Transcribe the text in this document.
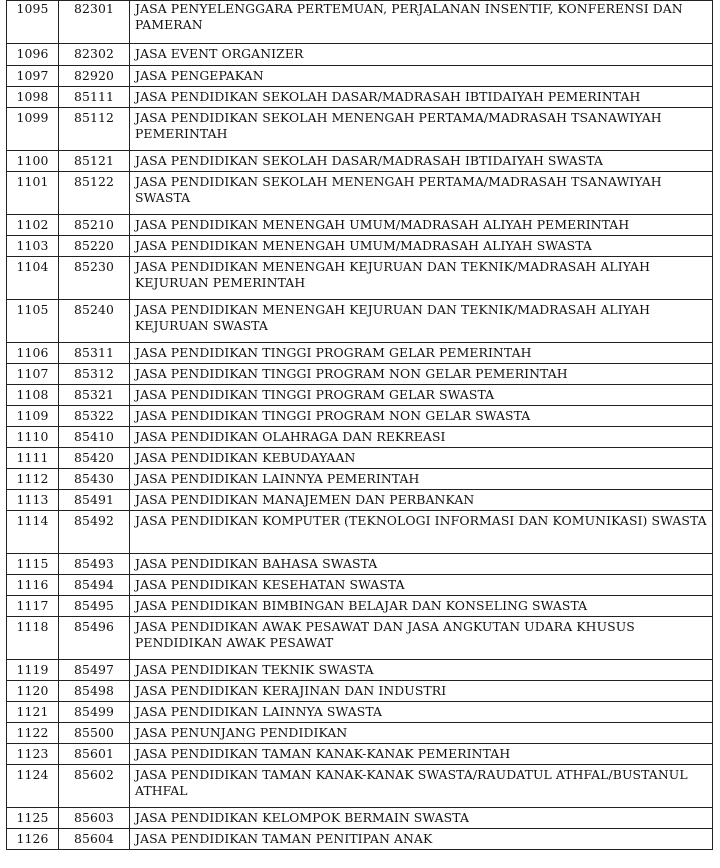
1095	82301	JASA PENYELENGGARA PERTEMUAN, PERJALANAN INSENTIF, KONFERENSI DAN PAMERAN
1096	82302	JASA EVENT ORGANIZER
1097	82920	JASA PENGEPAKAN
1098	85111	JASA PENDIDIKAN SEKOLAH DASAR/MADRASAH IBTIDAIYAH PEMERINTAH
1099	85112	JASA PENDIDIKAN SEKOLAH MENENGAH PERTAMA/MADRASAH TSANAWIYAH PEMERINTAH
1100	85121	JASA PENDIDIKAN SEKOLAH DASAR/MADRASAH IBTIDAIYAH SWASTA
1101	85122	JASA PENDIDIKAN SEKOLAH MENENGAH PERTAMA/MADRASAH TSANAWIYAH SWASTA
1102	85210	JASA PENDIDIKAN MENENGAH UMUM/MADRASAH ALIYAH PEMERINTAH
1103	85220	JASA PENDIDIKAN MENENGAH UMUM/MADRASAH ALIYAH SWASTA
1104	85230	JASA PENDIDIKAN MENENGAH KEJURUAN DAN TEKNIK/MADRASAH ALIYAH KEJURUAN PEMERINTAH
1105	85240	JASA PENDIDIKAN MENENGAH KEJURUAN DAN TEKNIK/MADRASAH ALIYAH KEJURUAN SWASTA
1106	85311	JASA PENDIDIKAN TINGGI PROGRAM GELAR PEMERINTAH
1107	85312	JASA PENDIDIKAN TINGGI PROGRAM NON GELAR PEMERINTAH
1108	85321	JASA PENDIDIKAN TINGGI PROGRAM GELAR SWASTA
1109	85322	JASA PENDIDIKAN TINGGI PROGRAM NON GELAR SWASTA
1110	85410	JASA PENDIDIKAN OLAHRAGA DAN REKREASI
1111	85420	JASA PENDIDIKAN KEBUDAYAAN
1112	85430	JASA PENDIDIKAN LAINNYA PEMERINTAH
1113	85491	JASA PENDIDIKAN MANAJEMEN DAN PERBANKAN
1114	85492	JASA PENDIDIKAN KOMPUTER (TEKNOLOGI INFORMASI DAN KOMUNIKASI) SWASTA
1115	85493	JASA PENDIDIKAN BAHASA SWASTA
1116	85494	JASA PENDIDIKAN KESEHATAN SWASTA
1117	85495	JASA PENDIDIKAN BIMBINGAN BELAJAR DAN KONSELING SWASTA
1118	85496	JASA PENDIDIKAN AWAK PESAWAT DAN JASA ANGKUTAN UDARA KHUSUS PENDIDIKAN AWAK PESAWAT
1119	85497	JASA PENDIDIKAN TEKNIK SWASTA
1120	85498	JASA PENDIDIKAN KERAJINAN DAN INDUSTRI
1121	85499	JASA PENDIDIKAN LAINNYA SWASTA
1122	85500	JASA PENUNJANG PENDIDIKAN
1123	85601	JASA PENDIDIKAN TAMAN KANAK-KANAK PEMERINTAH
1124	85602	JASA PENDIDIKAN TAMAN KANAK-KANAK SWASTA/RAUDATUL ATHFAL/BUSTANUL ATHFAL
1125	85603	JASA PENDIDIKAN KELOMPOK BERMAIN SWASTA
1126	85604	JASA PENDIDIKAN TAMAN PENITIPAN ANAK
